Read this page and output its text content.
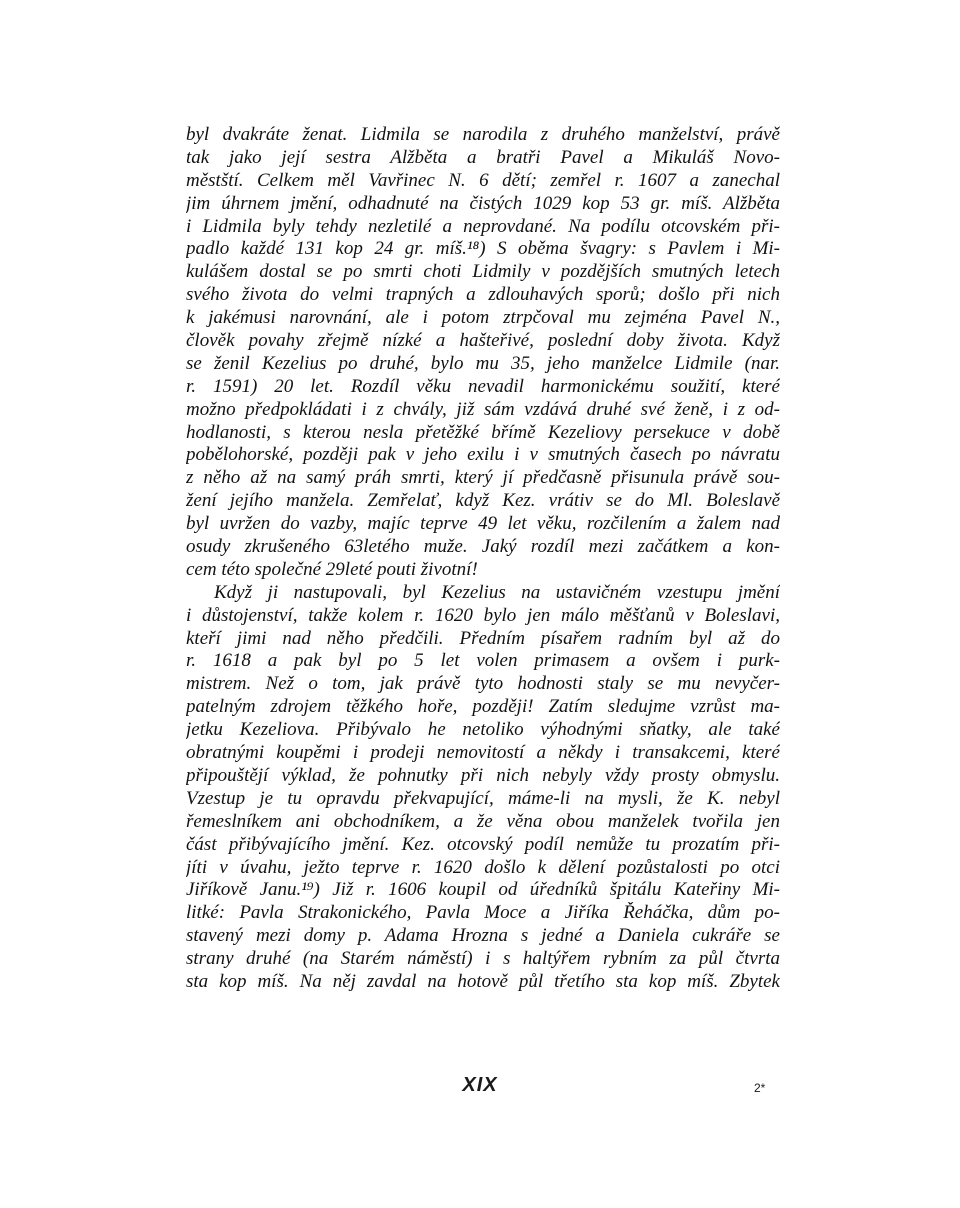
byl dvakráte ženat. Lidmila se narodila z druhého manželství, právě
tak jako její sestra Alžběta a bratři Pavel a Mikuláš Novo-
městští. Celkem měl Vavřinec N. 6 dětí; zemřel r. 1607 a zanechal
jim úhrnem jmění, odhadnuté na čistých 1029 kop 53 gr. míš. Alžběta
i Lidmila byly tehdy nezletilé a neprovdané. Na podílu otcovském při-
padlo každé 131 kop 24 gr. míš.¹⁸) S oběma švagry: s Pavlem i Mi-
kulášem dostal se po smrti choti Lidmily v pozdějších smutných letech
svého života do velmi trapných a zdlouhavých sporů; došlo při nich
k jakémusi narovnání, ale i potom ztrpčoval mu zejména Pavel N.,
člověk povahy zřejmě nízké a hašteřivé, poslední doby života. Když
se ženil Kezelius po druhé, bylo mu 35, jeho manželce Lidmile (nar.
r. 1591) 20 let. Rozdíl věku nevadil harmonickému soužití, které
možno předpokládati i z chvály, již sám vzdává druhé své ženě, i z od-
hodlanosti, s kterou nesla přetěžké břímě Kezeliovy persekuce v době
pobělohorské, později pak v jeho exilu i v smutných časech po návratu
z něho až na samý práh smrti, který jí předčasně přisunula právě sou-
žení jejího manžela. Zemřelať, když Kez. vrátiv se do Ml. Boleslavě
byl uvržen do vazby, majíc teprve 49 let věku, rozčilením a žalem nad
osudy zkrušeného 63letého muže. Jaký rozdíl mezi začátkem a kon-
cem této společné 29leté pouti životní!
Když ji nastupovali, byl Kezelius na ustavičném vzestupu jmění
i důstojenství, takže kolem r. 1620 bylo jen málo měšťanů v Boleslavi,
kteří jimi nad něho předčili. Předním písařem radním byl až do
r. 1618 a pak byl po 5 let volen primasem a ovšem i purk-
mistrem. Než o tom, jak právě tyto hodnosti staly se mu nevyčer-
patelným zdrojem těžkého hoře, později! Zatím sledujme vzrůst ma-
jetku Kezeliova. Přibývalo he netoliko výhodnými sňatky, ale také
obratnými koupěmi i prodeji nemovitostí a někdy i transakcemi, které
připouštějí výklad, že pohnutky při nich nebyly vždy prosty obmyslu.
Vzestup je tu opravdu překvapující, máme-li na mysli, že K. nebyl
řemeslníkem ani obchodníkem, a že věna obou manželek tvořila jen
část přibývajícího jmění. Kez. otcovský podíl nemůže tu prozatím při-
jíti v úvahu, ježto teprve r. 1620 došlo k dělení pozůstalosti po otci
Jiříkově Janu.¹⁹) Již r. 1606 koupil od úředníků špitálu Kateřiny Mi-
litké: Pavla Strakonického, Pavla Moce a Jiříka Řeháčka, dům po-
stavený mezi domy p. Adama Hrozna s jedné a Daniela cukráře se
strany druhé (na Starém náměstí) i s haltýřem rybním za půl čtvrta
sta kop míš. Na něj zavdal na hotově půl třetího sta kop míš. Zbytek
XIX	2*
